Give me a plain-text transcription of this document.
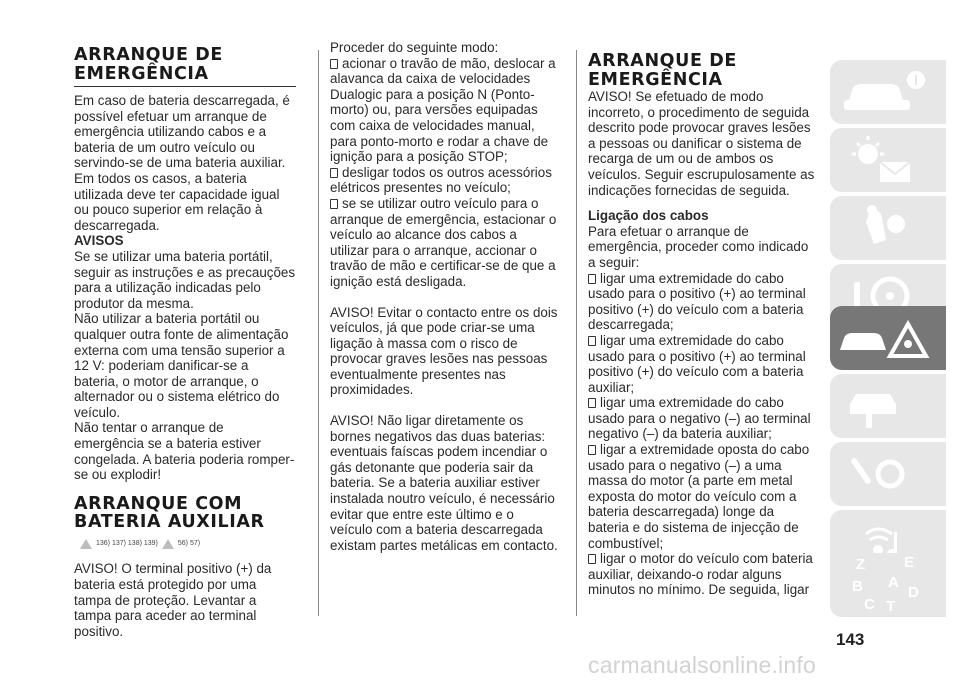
ARRANQUE DE
EMERGÊNCIA

Em caso de bateria descarregada, é possível efetuar um arranque de emergência utilizando cabos e a bateria de um outro veículo ou servindo-se de uma bateria auxiliar. Em todos os casos, a bateria utilizada deve ter capacidade igual ou pouco superior em relação à descarregada.

AVISOS

Se se utilizar uma bateria portátil, seguir as instruções e as precauções para a utilização indicadas pelo produtor da mesma.

Não utilizar a bateria portátil ou qualquer outra fonte de alimentação externa com uma tensão superior a 12 V: poderiam danificar-se a bateria, o motor de arranque, o alternador ou o sistema elétrico do veículo.

Não tentar o arranque de emergência se a bateria estiver congelada. A bateria poderia romper-se ou explodir!

ARRANQUE COM
BATERIA AUXILIAR
136) 137) 138) 139)	56) 57)

AVISO! O terminal positivo (+) da bateria está protegido por uma tampa de proteção. Levantar a tampa para aceder ao terminal positivo.

Proceder do seguinte modo:

acionar o travão de mão, deslocar a alavanca da caixa de velocidades Dualogic para a posição N (Ponto-morto) ou, para versões equipadas com caixa de velocidades manual, para ponto-morto e rodar a chave de ignição para a posição STOP;

desligar todos os outros acessórios elétricos presentes no veículo;

se se utilizar outro veículo para o arranque de emergência, estacionar o veículo ao alcance dos cabos a utilizar para o arranque, accionar o travão de mão e certificar-se de que a ignição está desligada.

AVISO! Evitar o contacto entre os dois veículos, já que pode criar-se uma ligação à massa com o risco de provocar graves lesões nas pessoas eventualmente presentes nas proximidades.

AVISO! Não ligar diretamente os bornes negativos das duas baterias: eventuais faíscas podem incendiar o gás detonante que poderia sair da bateria. Se a bateria auxiliar estiver instalada noutro veículo, é necessário evitar que entre este último e o veículo com a bateria descarregada existam partes metálicas em contacto.

ARRANQUE DE
EMERGÊNCIA

AVISO! Se efetuado de modo incorreto, o procedimento de seguida descrito pode provocar graves lesões a pessoas ou danificar o sistema de recarga de um ou de ambos os veículos. Seguir escrupulosamente as indicações fornecidas de seguida.

Ligação dos cabos

Para efetuar o arranque de emergência, proceder como indicado a seguir:

ligar uma extremidade do cabo usado para o positivo (+) ao terminal positivo (+) do veículo com a bateria descarregada;

ligar uma extremidade do cabo usado para o positivo (+) ao terminal positivo (+) do veículo com a bateria auxiliar;

ligar uma extremidade do cabo usado para o negativo (–) ao terminal negativo (–) da bateria auxiliar;

ligar a extremidade oposta do cabo usado para o negativo (–) a uma massa do motor (a parte em metal exposta do motor do veículo com a bateria descarregada) longe da bateria e do sistema de injecção de combustível;

ligar o motor do veículo com bateria auxiliar, deixando-o rodar alguns minutos no mínimo. De seguida, ligar

Z	E
B A
C
D
T
143
carmanualsonline.info
